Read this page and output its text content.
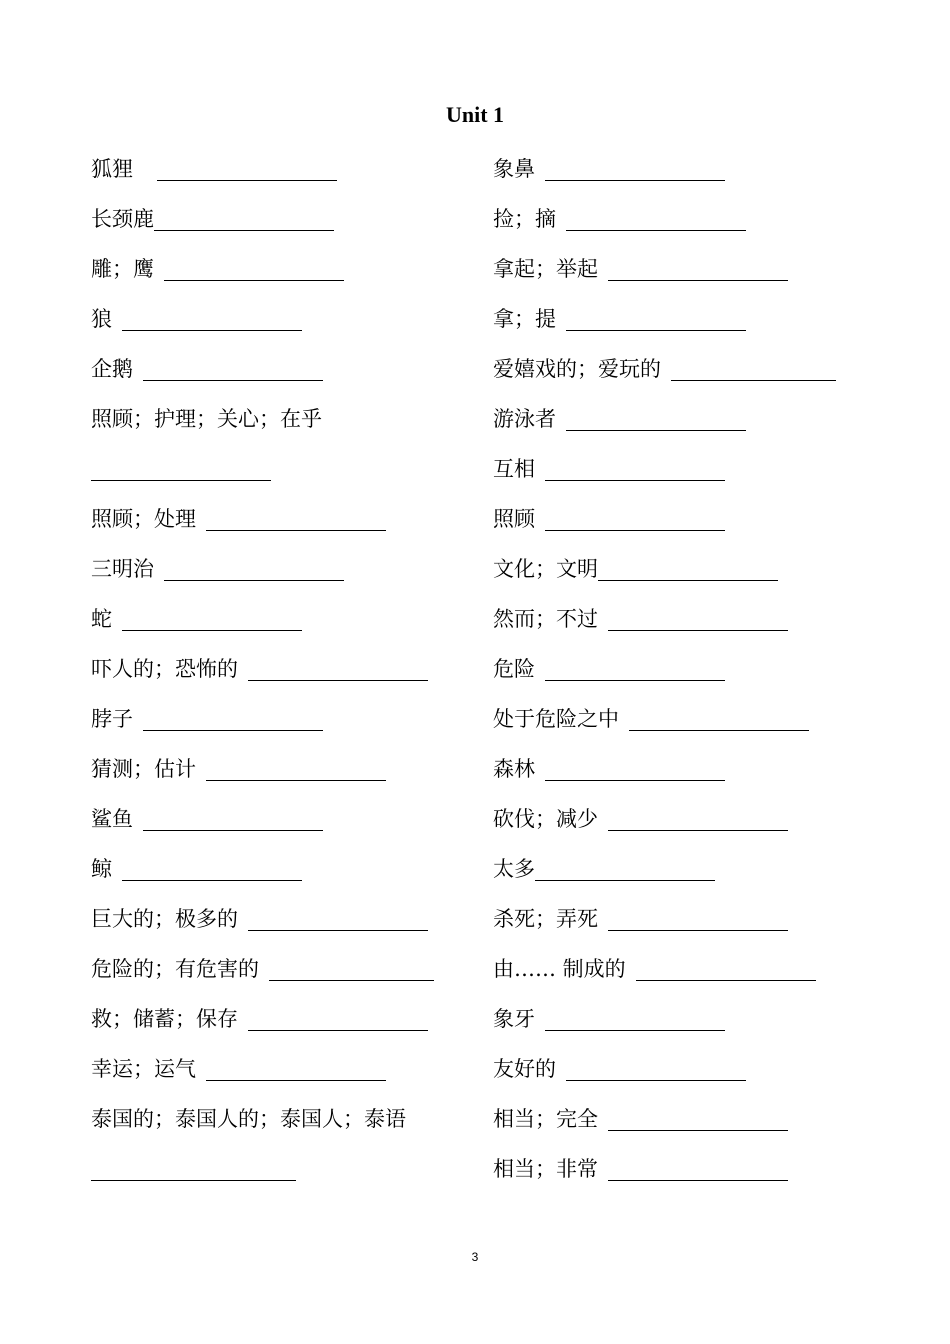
Unit 1
狐狸
长颈鹿
雕；鹰
狼
企鹅
照顾；护理；关心；在乎
照顾；处理
三明治
蛇
吓人的；恐怖的
脖子
猜测；估计
鲨鱼
鲸
巨大的；极多的
危险的；有危害的
救；储蓄；保存
幸运；运气
泰国的；泰国人的；泰国人；泰语
象鼻
捡；摘
拿起；举起
拿；提
爱嬉戏的；爱玩的
游泳者
互相
照顾
文化；文明
然而；不过
危险
处于危险之中
森林
砍伐；减少
太多
杀死；弄死
由…… 制成的
象牙
友好的
相当；完全
相当；非常
3
